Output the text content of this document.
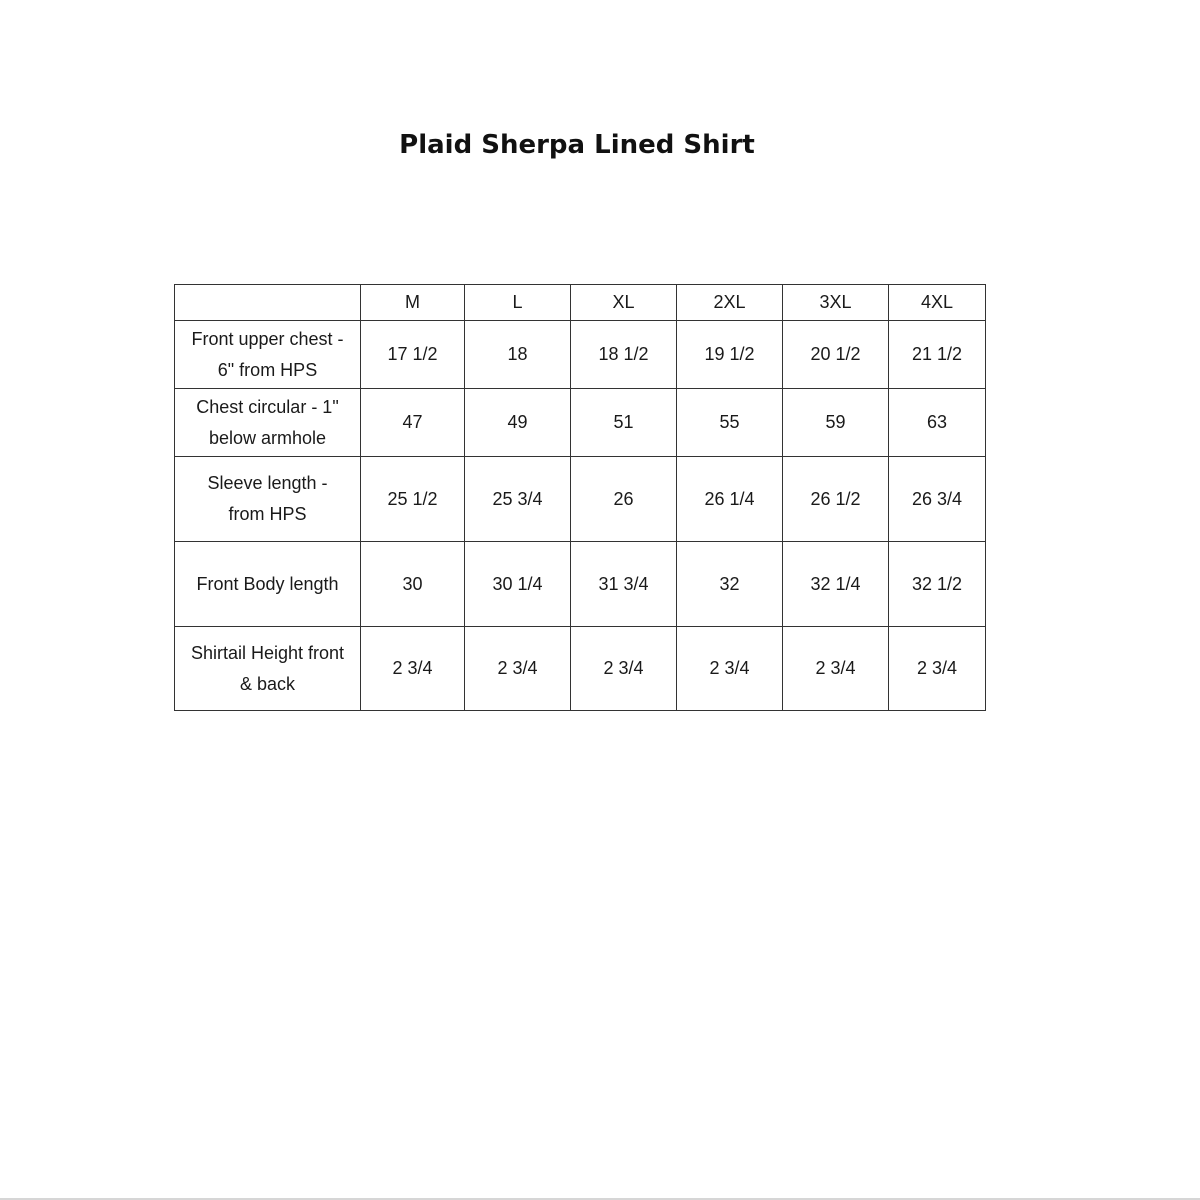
Plaid Sherpa Lined Shirt
	M	L	XL	2XL	3XL	4XL
Front upper chest -
6" from HPS	17 1/2	18	18 1/2	19 1/2	20 1/2	21 1/2
Chest circular - 1"
below armhole	47	49	51	55	59	63
Sleeve length -
from HPS	25 1/2	25 3/4	26	26 1/4	26 1/2	26 3/4
Front Body length	30	30 1/4	31 3/4	32	32 1/4	32 1/2
Shirtail Height front
& back	2 3/4	2 3/4	2 3/4	2 3/4	2 3/4	2 3/4
